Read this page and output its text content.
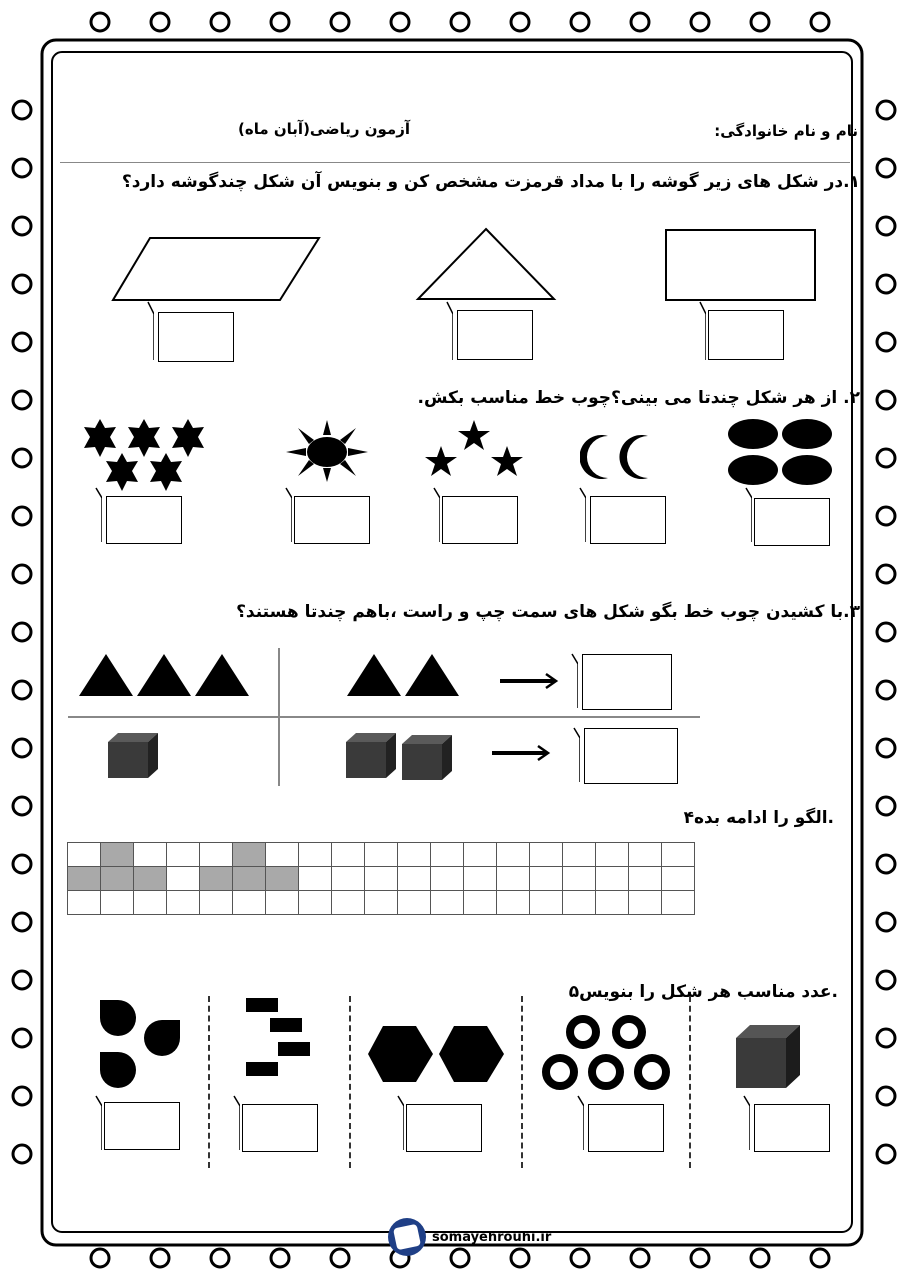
نام و نام خانوادگی:
آزمون ریاضی(آبان ماه)
۱.در شکل های زیر گوشه را با مداد قرمزت مشخص کن و بنویس آن شکل چندگوشه دارد؟
۲. از هر شکل چندتا می بینی؟چوب خط مناسب بکش.
۳.با کشیدن چوب خط بگو شکل های سمت چپ و راست ،باهم چندتا هستند؟
.الگو را ادامه بده۴

.عدد مناسب هر شکل را بنویس۵
somayehrouhi.ir
